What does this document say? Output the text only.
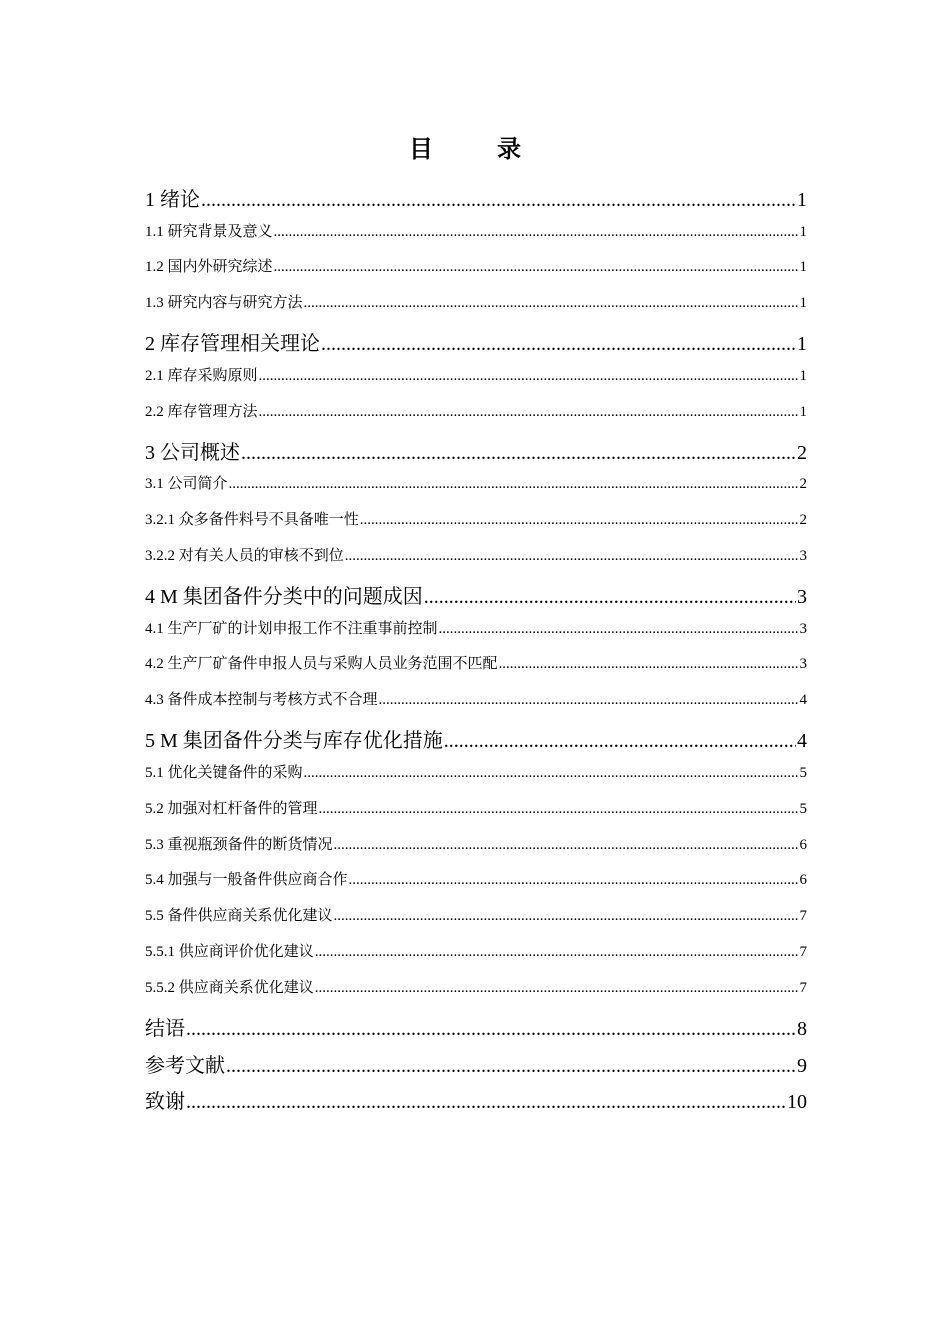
目　录
1 绪论 .....	1
1.1 研究背景及意义 .....	1
1.2 国内外研究综述 .....	1
1.3 研究内容与研究方法 .....	1
2 库存管理相关理论 .....	1
2.1 库存采购原则 .....	1
2.2 库存管理方法 .....	1
3 公司概述 .....	2
3.1 公司简介 .....	2
3.2.1 众多备件料号不具备唯一性 .....	2
3.2.2 对有关人员的审核不到位 .....	3
4 M 集团备件分类中的问题成因 .....	3
4.1 生产厂矿的计划申报工作不注重事前控制 .....	3
4.2 生产厂矿备件申报人员与采购人员业务范围不匹配 .....	3
4.3 备件成本控制与考核方式不合理 .....	4
5 M 集团备件分类与库存优化措施 .....	4
5.1 优化关键备件的采购 .....	5
5.2 加强对杠杆备件的管理 .....	5
5.3 重视瓶颈备件的断货情况 .....	6
5.4 加强与一般备件供应商合作 .....	6
5.5 备件供应商关系优化建议 .....	7
5.5.1 供应商评价优化建议 .....	7
5.5.2 供应商关系优化建议 .....	7
结语 .....	8
参考文献 .....	9
致谢 .....	10
